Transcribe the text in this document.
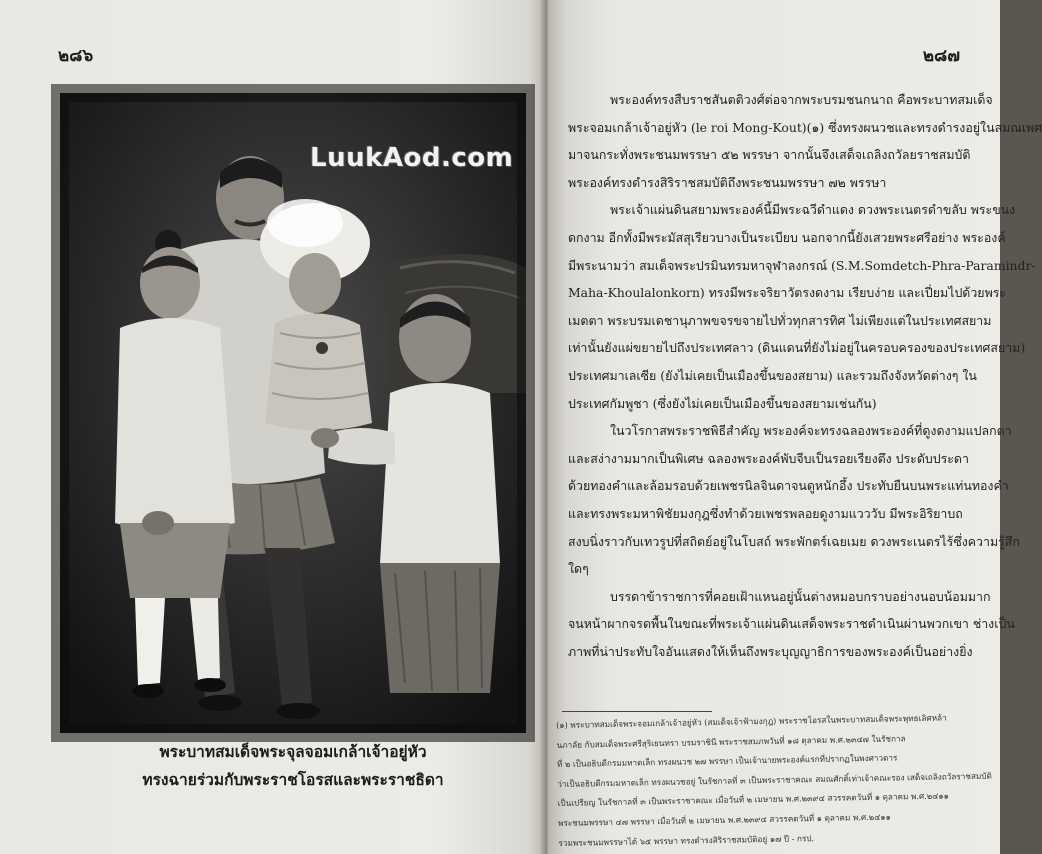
๒๘๖
LuukAod.com
พระบาทสมเด็จพระจุลจอมเกล้าเจ้าอยู่หัว
ทรงฉายร่วมกับพระราชโอรสและพระราชธิดา
๒๘๗

พระองค์ทรงสืบราชสันตติวงศ์ต่อจากพระบรมชนกนาถ คือพระบาทสมเด็จ
พระจอมเกล้าเจ้าอยู่หัว (le roi Mong-Kout)(๑) ซึ่งทรงผนวชและทรงดำรงอยู่ในสมณเพศ
มาจนกระทั่งพระชนมพรรษา ๕๒ พรรษา จากนั้นจึงเสด็จเถลิงถวัลยราชสมบัติ
พระองค์ทรงดำรงสิริราชสมบัติถึงพระชนมพรรษา ๗๒ พรรษา

พระเจ้าแผ่นดินสยามพระองค์นี้มีพระฉวีดำแดง ดวงพระเนตรดำขลับ พระขนง
ดกงาม อีกทั้งมีพระมัสสุเรียวบางเป็นระเบียบ นอกจากนี้ยังเสวยพระศรีอย่าง พระองค์
มีพระนามว่า สมเด็จพระปรมินทรมหาจุฬาลงกรณ์ (S.M.Somdetch-Phra-Paramindr-
Maha-Khoulalonkorn) ทรงมีพระจริยาวัตรงดงาม เรียบง่าย และเปี่ยมไปด้วยพระ
เมตตา พระบรมเดชานุภาพขจรขจายไปทั่วทุกสารทิศ ไม่เพียงแต่ในประเทศสยาม
เท่านั้นยังแผ่ขยายไปถึงประเทศลาว (ดินแดนที่ยังไม่อยู่ในครอบครองของประเทศสยาม)
ประเทศมาเลเซีย (ยังไม่เคยเป็นเมืองขึ้นของสยาม) และรวมถึงจังหวัดต่างๆ ใน
ประเทศกัมพูชา (ซึ่งยังไม่เคยเป็นเมืองขึ้นของสยามเช่นกัน)

ในวโรกาสพระราชพิธีสำคัญ พระองค์จะทรงฉลองพระองค์ที่ดูงดงามแปลกตา
และสง่างามมากเป็นพิเศษ ฉลองพระองค์พับจีบเป็นรอยเรียงตึง ประดับประดา
ด้วยทองคำและล้อมรอบด้วยเพชรนิลจินดาจนดูหนักอึ้ง ประทับยืนบนพระแท่นทองคำ
และทรงพระมหาพิชัยมงกุฎซึ่งทำด้วยเพชรพลอยดูงามแวววับ มีพระอิริยาบถ
สงบนิ่งราวกับเทวรูปที่สถิตย์อยู่ในโบสถ์ พระพักตร์เฉยเมย ดวงพระเนตรไร้ซึ่งความรู้สึก
ใดๆ

บรรดาข้าราชการที่คอยเฝ้าแหนอยู่นั้นต่างหมอบกราบอย่างนอบน้อมมาก
จนหน้าผากจรดพื้นในขณะที่พระเจ้าแผ่นดินเสด็จพระราชดำเนินผ่านพวกเขา ช่างเป็น
ภาพที่น่าประทับใจอันแสดงให้เห็นถึงพระบุญญาธิการของพระองค์เป็นอย่างยิ่ง

(๑) พระบาทสมเด็จพระจอมเกล้าเจ้าอยู่หัว (สมเด็จเจ้าฟ้ามงกุฎ) พระราชโอรสในพระบาทสมเด็จพระพุทธเลิศหล้า
นภาลัย กับสมเด็จพระศรีสุริเยนทรา บรมราชินี พระราชสมภพวันที่ ๑๘ ตุลาคม พ.ศ.๒๓๔๗ ในรัชกาล
ที่ ๒ เป็นอธิบดีกรมมหาดเล็ก ทรงผนวช ๒๗ พรรษา เป็นเจ้านายพระองค์แรกที่ปรากฏในพงศาวดาร
ว่าเป็นอธิบดีกรมมหาดเล็ก ทรงผนวชอยู่ ในรัชกาลที่ ๓ เป็นพระราชาคณะ สมณศักดิ์เท่าเจ้าคณะรอง เสด็จเถลิงถวัลราชสมบัติ
เป็นเปรียญ ในรัชกาลที่ ๓ เป็นพระราชาคณะ เมื่อวันที่ ๒ เมษายน พ.ศ.๒๓๙๔ สวรรคตวันที่ ๑ ตุลาคม พ.ศ.๒๔๑๑
พระชนมพรรษา ๔๗ พรรษา เมื่อวันที่ ๒ เมษายน พ.ศ.๒๓๙๔ สวรรคตวันที่ ๑ ตุลาคม พ.ศ.๒๔๑๑
รวมพระชนมพรรษาได้ ๖๕ พรรษา ทรงดำรงสิริราชสมบัติอยู่ ๑๗ ปี - กรป.
